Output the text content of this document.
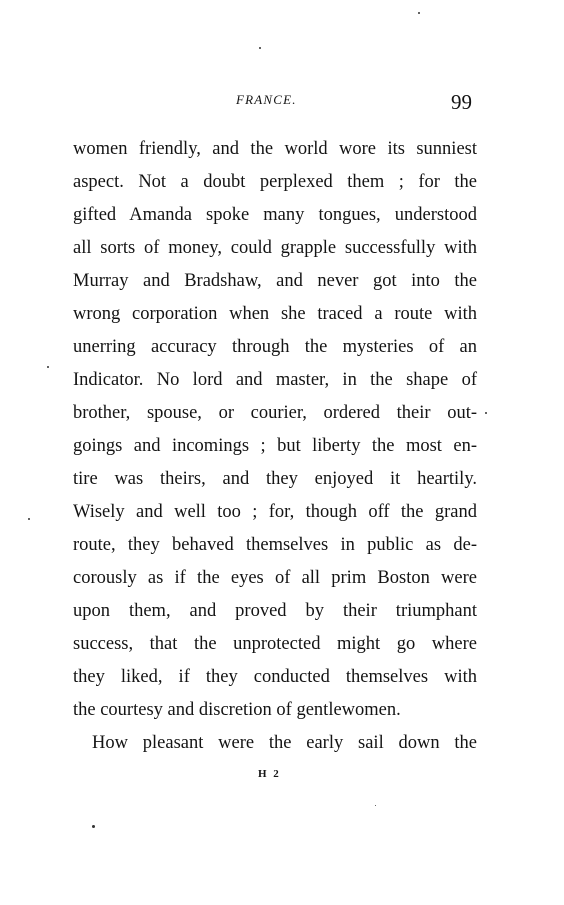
FRANCE.	99
women friendly, and the world wore its sunniest
aspect. Not a doubt perplexed them ; for the
gifted Amanda spoke many tongues, understood
all sorts of money, could grapple successfully with
Murray and Bradshaw, and never got into the
wrong corporation when she traced a route with
unerring accuracy through the mysteries of an
Indicator. No lord and master, in the shape of
brother, spouse, or courier, ordered their out-
goings and incomings ; but liberty the most en-
tire was theirs, and they enjoyed it heartily.
Wisely and well too ; for, though off the grand
route, they behaved themselves in public as de-
corously as if the eyes of all prim Boston were
upon them, and proved by their triumphant
success, that the unprotected might go where
they liked, if they conducted themselves with
the courtesy and discretion of gentlewomen.
How pleasant were the early sail down the
H 2
